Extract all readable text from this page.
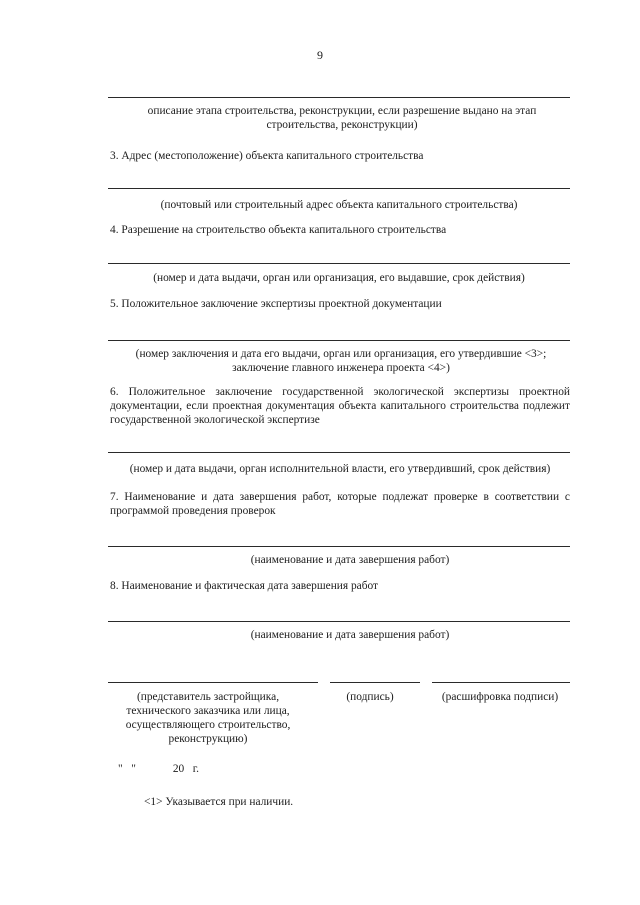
9
описание этапа строительства, реконструкции, если разрешение выдано на этап строительства, реконструкции)
3. Адрес (местоположение) объекта капитального строительства
(почтовый или строительный адрес объекта капитального строительства)
4. Разрешение на строительство объекта капитального строительства
(номер и дата выдачи, орган или организация, его выдавшие, срок действия)
5. Положительное заключение экспертизы проектной документации
(номер заключения и дата его выдачи, орган или организация, его утвердившие <3>; заключение главного инженера проекта <4>)
6. Положительное заключение государственной экологической экспертизы проектной документации, если проектная документация объекта капитального строительства подлежит государственной экологической экспертизе
(номер и дата выдачи, орган исполнительной власти, его утвердивший, срок действия)
7. Наименование и дата завершения работ, которые подлежат проверке в соответствии с программой проведения проверок
(наименование и дата завершения работ)
8. Наименование и фактическая дата завершения работ
(наименование и дата завершения работ)
(представитель застройщика, технического заказчика или лица, осуществляющего строительство, реконструкцию)
(подпись)	(расшифровка подписи)
"   "             20   г.
<1> Указывается при наличии.
